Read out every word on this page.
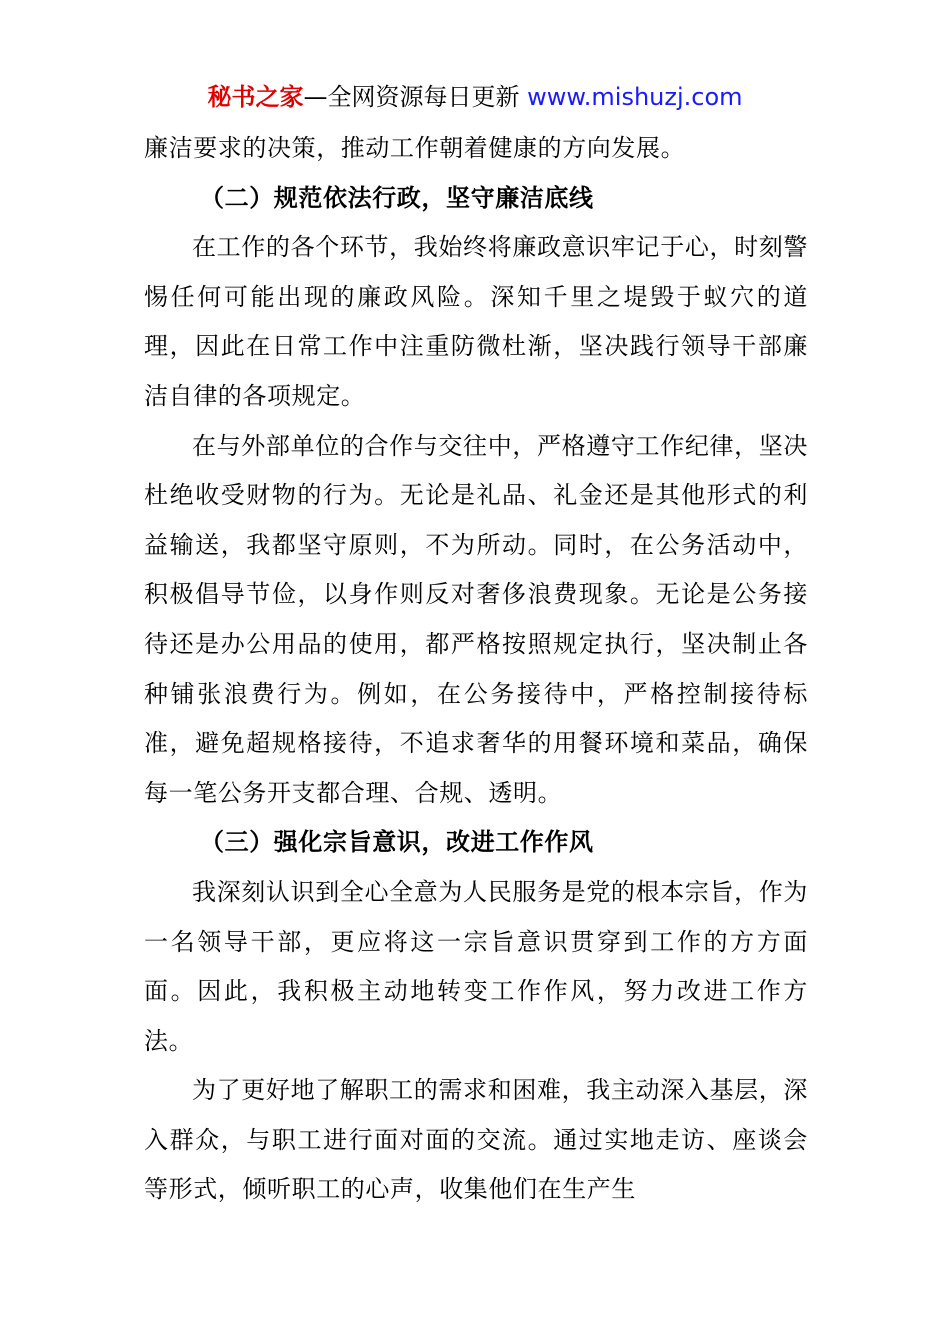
秘书之家—全网资源每日更新 www.mishuzj.com

廉洁要求的决策，推动工作朝着健康的方向发展。

（二）规范依法行政，坚守廉洁底线

在工作的各个环节，我始终将廉政意识牢记于心，时刻警惕任何可能出现的廉政风险。深知千里之堤毁于蚁穴的道理，因此在日常工作中注重防微杜渐，坚决践行领导干部廉洁自律的各项规定。

在与外部单位的合作与交往中，严格遵守工作纪律，坚决杜绝收受财物的行为。无论是礼品、礼金还是其他形式的利益输送，我都坚守原则，不为所动。同时，在公务活动中，积极倡导节俭，以身作则反对奢侈浪费现象。无论是公务接待还是办公用品的使用，都严格按照规定执行，坚决制止各种铺张浪费行为。例如，在公务接待中，严格控制接待标准，避免超规格接待，不追求奢华的用餐环境和菜品，确保每一笔公务开支都合理、合规、透明。

（三）强化宗旨意识，改进工作作风

我深刻认识到全心全意为人民服务是党的根本宗旨，作为一名领导干部，更应将这一宗旨意识贯穿到工作的方方面面。因此，我积极主动地转变工作作风，努力改进工作方法。

为了更好地了解职工的需求和困难，我主动深入基层，深入群众，与职工进行面对面的交流。通过实地走访、座谈会等形式，倾听职工的心声，收集他们在生产生
